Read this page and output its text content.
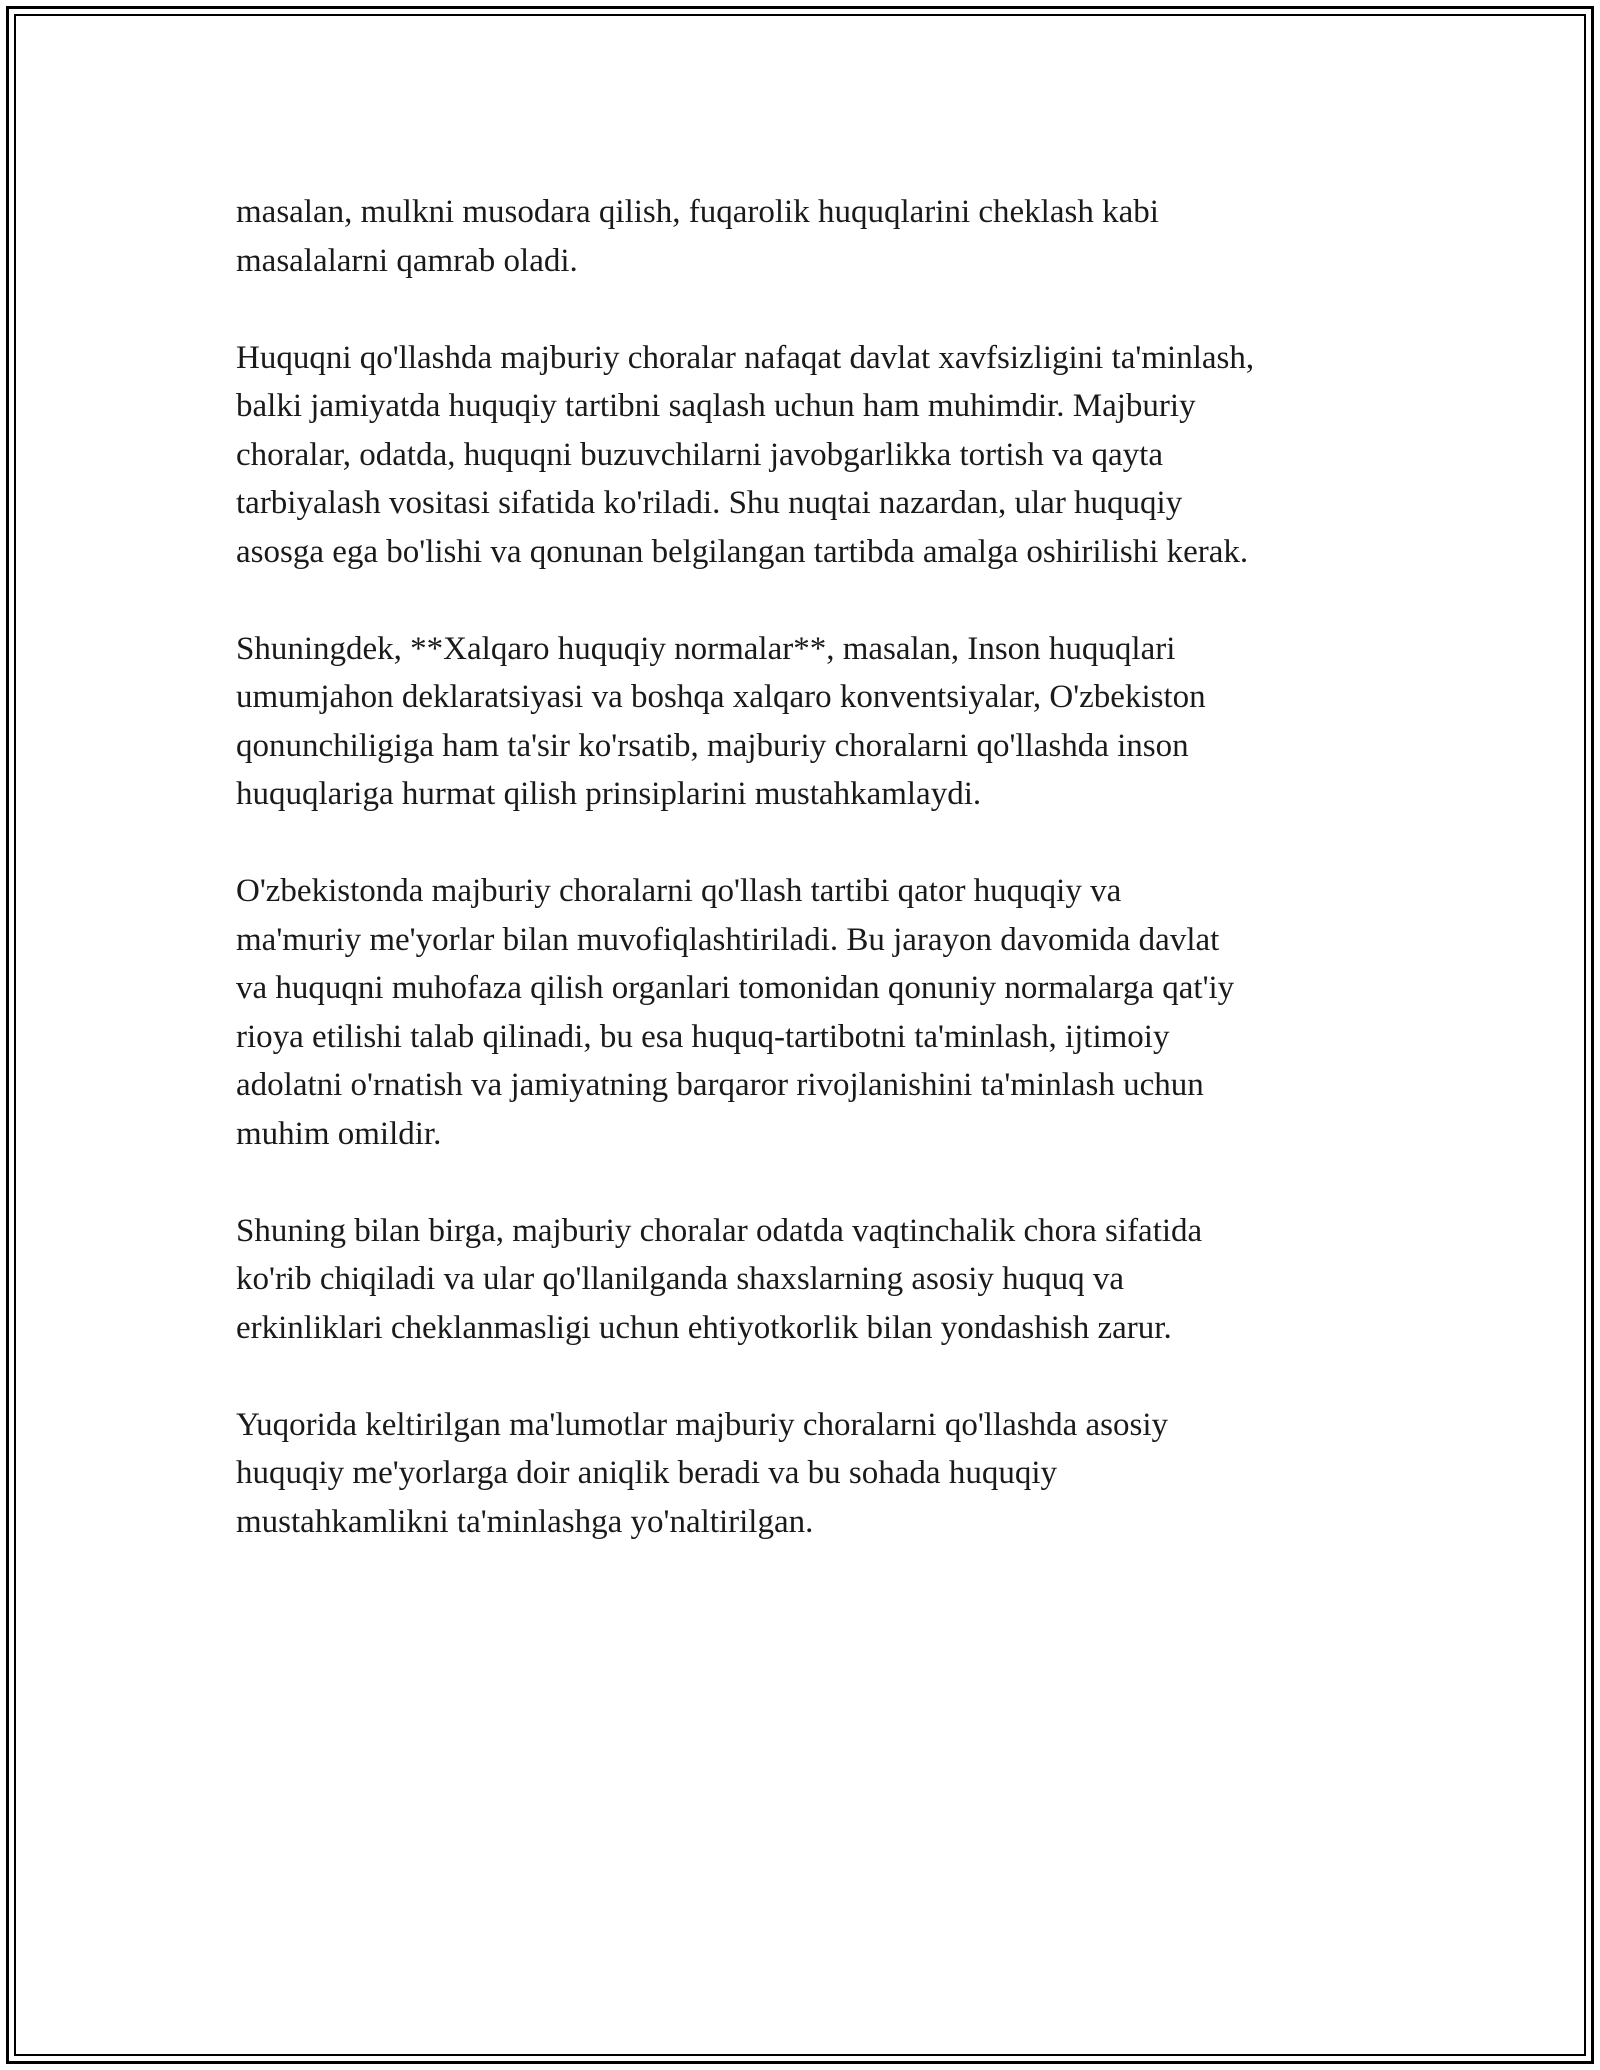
masalan, mulkni musodara qilish, fuqarolik huquqlarini cheklash kabi
masalalarni qamrab oladi.

Huquqni qo'llashda majburiy choralar nafaqat davlat xavfsizligini ta'minlash,
balki jamiyatda huquqiy tartibni saqlash uchun ham muhimdir. Majburiy
choralar, odatda, huquqni buzuvchilarni javobgarlikka tortish va qayta
tarbiyalash vositasi sifatida ko'riladi. Shu nuqtai nazardan, ular huquqiy
asosga ega bo'lishi va qonunan belgilangan tartibda amalga oshirilishi kerak.

Shuningdek, **Xalqaro huquqiy normalar**, masalan, Inson huquqlari
umumjahon deklaratsiyasi va boshqa xalqaro konventsiyalar, O'zbekiston
qonunchiligiga ham ta'sir ko'rsatib, majburiy choralarni qo'llashda inson
huquqlariga hurmat qilish prinsiplarini mustahkamlaydi.

O'zbekistonda majburiy choralarni qo'llash tartibi qator huquqiy va
ma'muriy me'yorlar bilan muvofiqlashtiriladi. Bu jarayon davomida davlat
va huquqni muhofaza qilish organlari tomonidan qonuniy normalarga qat'iy
rioya etilishi talab qilinadi, bu esa huquq-tartibotni ta'minlash, ijtimoiy
adolatni o'rnatish va jamiyatning barqaror rivojlanishini ta'minlash uchun
muhim omildir.

Shuning bilan birga, majburiy choralar odatda vaqtinchalik chora sifatida
ko'rib chiqiladi va ular qo'llanilganda shaxslarning asosiy huquq va
erkinliklari cheklanmasligi uchun ehtiyotkorlik bilan yondashish zarur.

Yuqorida keltirilgan ma'lumotlar majburiy choralarni qo'llashda asosiy
huquqiy me'yorlarga doir aniqlik beradi va bu sohada huquqiy
mustahkamlikni ta'minlashga yo'naltirilgan.
